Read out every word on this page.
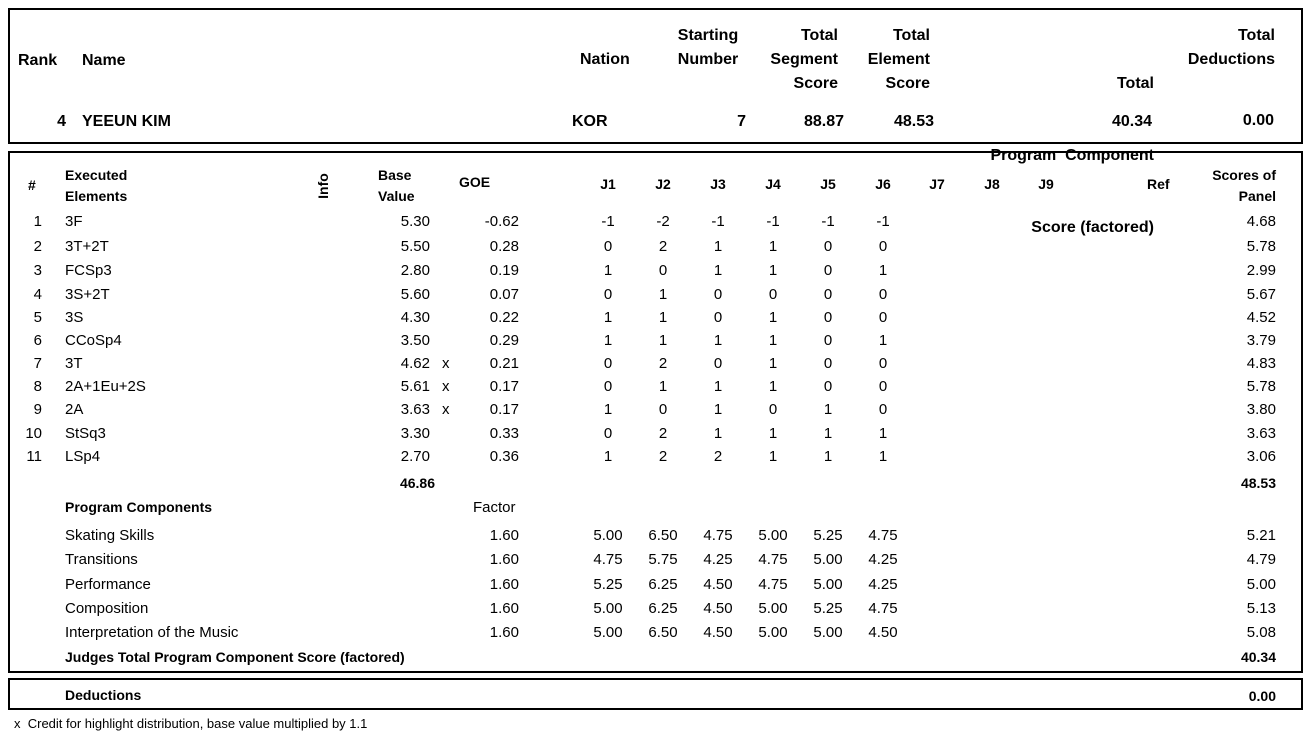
Rank Name	Nation
Starting
Number
Total
Segment
Score
Total
Element
Score

	Total

Program  Component

Score (factored)

Total
Deductions
4 YEEUN KIM	KOR	7	88.87	48.53	40.34	0.00
#
Executed
Elements	Info	Base
Value
GOE	J1	J2	J3	J4	J5	J6	J7	J8	J9	Ref
Scores of
Panel
1 3F	5.30	-0.62	-1	-2	-1	-1	-1	-1	4.68
2 3T+2T	5.50	0.28	0	2	1	1	0	0	5.78
3 FCSp3	2.80	0.19	1	0	1	1	0	1	2.99
4 3S+2T	5.60	0.07	0	1	0	0	0	0	5.67
5 3S	4.30	0.22	1	1	0	1	0	0	4.52
6 CCoSp4	3.50	0.29	1	1	1	1	0	1	3.79
7 3T	4.62 x	0.21	0	2	0	1	0	0	4.83
8 2A+1Eu+2S	5.61 x	0.17	0	1	1	1	0	0	5.78
9 2A	3.63 x	0.17	1	0	1	0	1	0	3.80
10 StSq3	3.30	0.33	0	2	1	1	1	1	3.63
11 LSp4	2.70	0.36	1	2	2	1	1	1	3.06
46.86	48.53
Program Components	Factor
Skating Skills	1.60	5.00	6.50	4.75	5.00	5.25	4.75	5.21
Transitions	1.60	4.75	5.75	4.25	4.75	5.00	4.25	4.79
Performance	1.60	5.25	6.25	4.50	4.75	5.00	4.25	5.00
Composition	1.60	5.00	6.25	4.50	5.00	5.25	4.75	5.13
Interpretation of the Music	1.60	5.00	6.50	4.50	5.00	5.00	4.50	5.08
Judges Total Program Component Score (factored)	40.34
Deductions	0.00
x  Credit for highlight distribution, base value multiplied by 1.1
